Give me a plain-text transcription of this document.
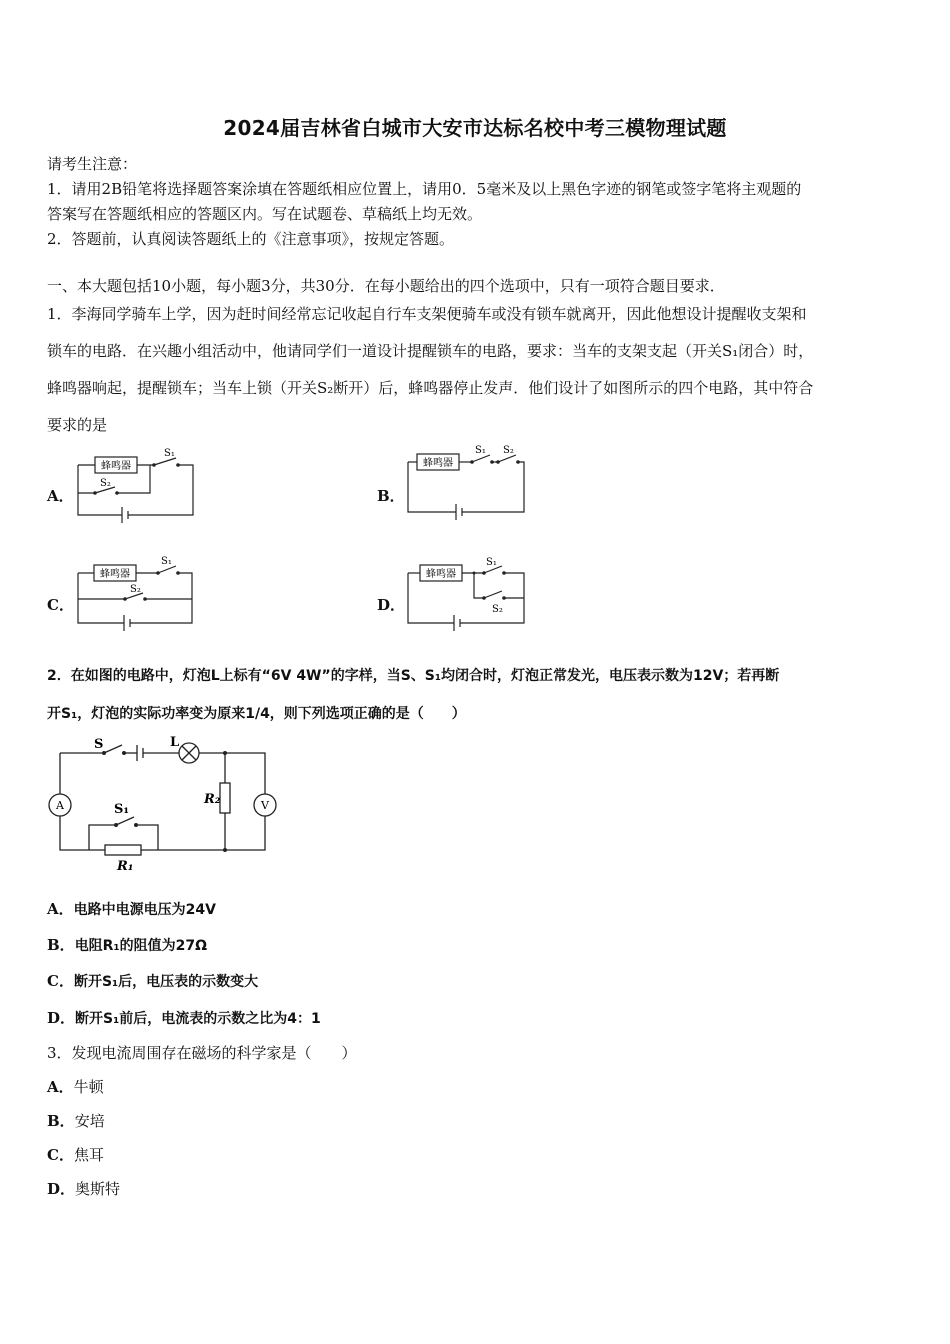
2024届吉林省白城市大安市达标名校中考三模物理试题
请考生注意：
1．请用2B铅笔将选择题答案涂填在答题纸相应位置上，请用0．5毫米及以上黑色字迹的钢笔或签字笔将主观题的
答案写在答题纸相应的答题区内。写在试题卷、草稿纸上均无效。
2．答题前，认真阅读答题纸上的《注意事项》，按规定答题。
一、本大题包括10小题，每小题3分，共30分．在每小题给出的四个选项中，只有一项符合题目要求．
1．李海同学骑车上学，因为赶时间经常忘记收起自行车支架便骑车或没有锁车就离开，因此他想设计提醒收支架和
锁车的电路．在兴趣小组活动中，他请同学们一道设计提醒锁车的电路，要求：当车的支架支起（开关S₁闭合）时，
蜂鸣器响起，提醒锁车；当车上锁（开关S₂断开）后，蜂鸣器停止发声．他们设计了如图所示的四个电路，其中符合
要求的是
A．
蜂鸣器
S₁
S₂
B．
蜂鸣器
S₁ S₂
C．
蜂鸣器
S₁
S₂
D．
蜂鸣器
S₁
S₂
2．在如图的电路中，灯泡L上标有“6V 4W”的字样，当S、S₁均闭合时，灯泡正常发光，电压表示数为12V；若再断
开S₁，灯泡的实际功率变为原来1/4，则下列选项正确的是（　　）
S	L
A	V
S₁
R₁
R₂
A．电路中电源电压为24V
B．电阻R₁的阻值为27Ω
C．断开S₁后，电压表的示数变大
D．断开S₁前后，电流表的示数之比为4：1
3．发现电流周围存在磁场的科学家是（　　）
A．牛顿
B．安培
C．焦耳
D．奥斯特
